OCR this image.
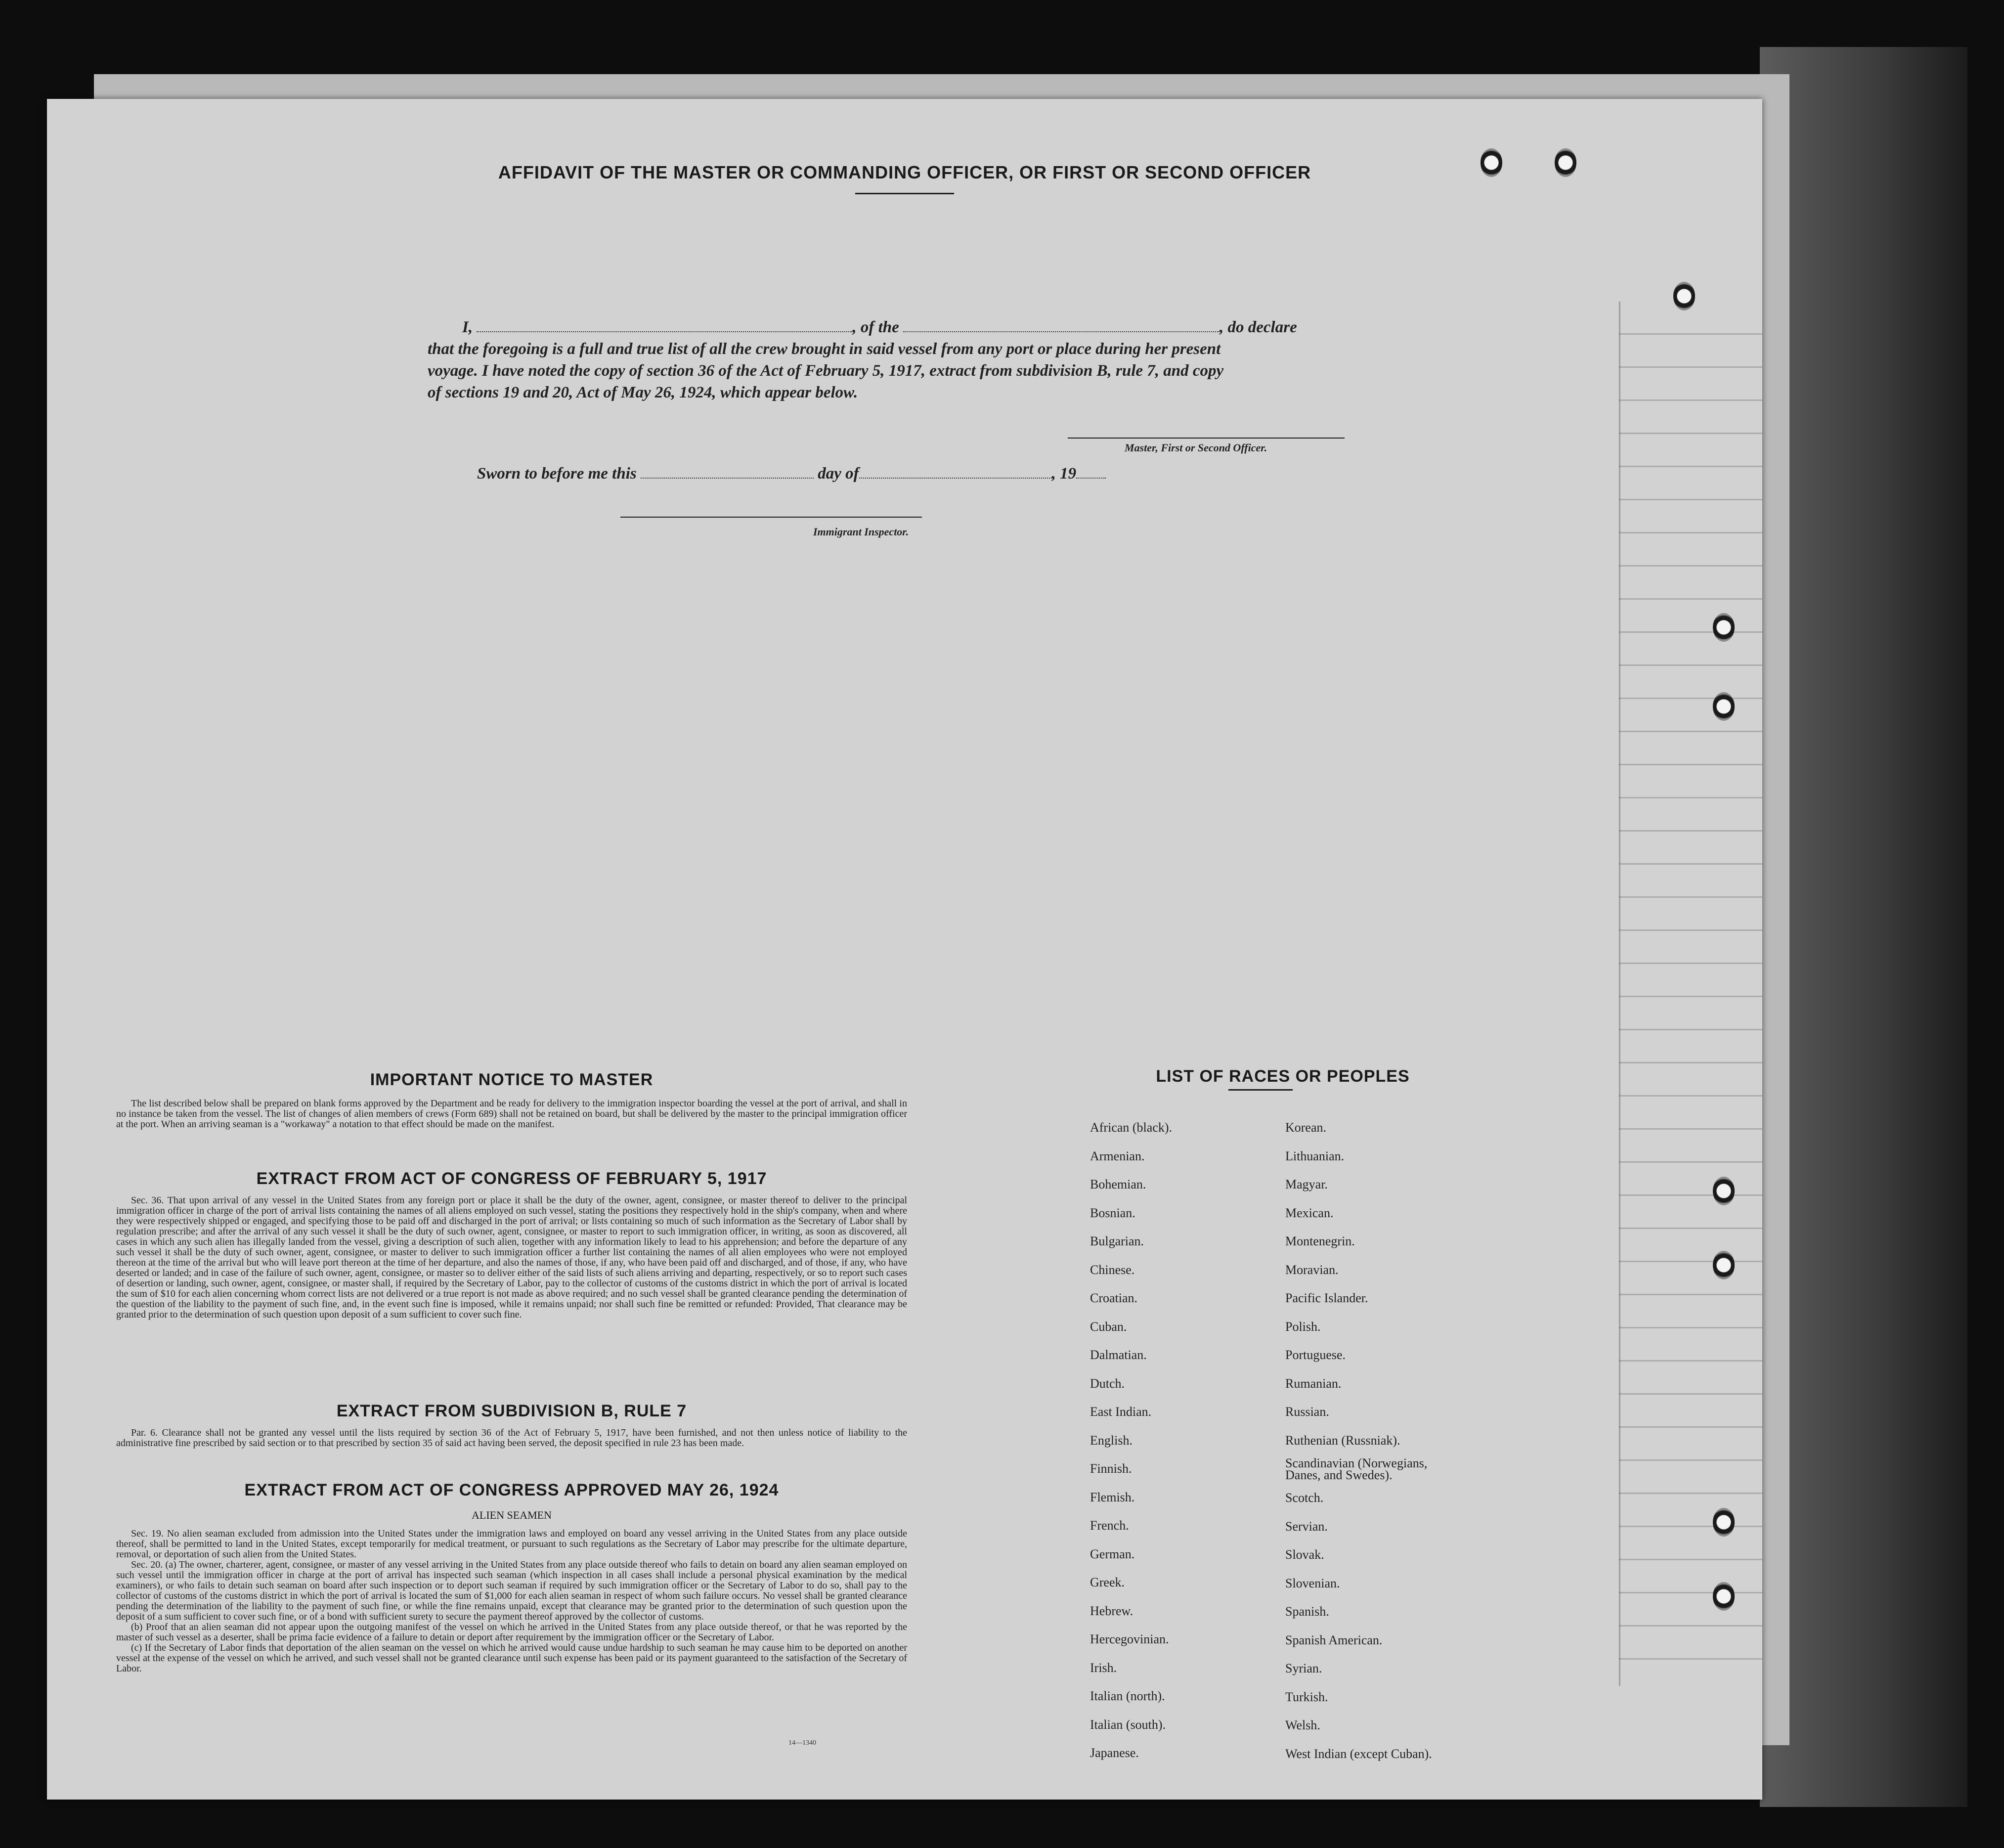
AFFIDAVIT OF THE MASTER OR COMMANDING OFFICER, OR FIRST OR SECOND OFFICER
I,	, of the	, do declare
that the foregoing is a full and true list of all the crew brought in said vessel from any port or place during her present
voyage. I have noted the copy of section 36 of the Act of February 5, 1917, extract from subdivision B, rule 7, and copy
of sections 19 and 20, Act of May 26, 1924, which appear below.
Master, First or Second Officer.
Sworn to before me this	day of	, 19
Immigrant Inspector.
IMPORTANT NOTICE TO MASTER

The list described below shall be prepared on blank forms approved by the Department and be ready for delivery to the immigration inspector boarding the vessel at the port of arrival, and shall in no instance be taken from the vessel. The list of changes of alien members of crews (Form 689) shall not be retained on board, but shall be delivered by the master to the principal immigration officer at the port. When an arriving seaman is a "workaway" a notation to that effect should be made on the manifest.

EXTRACT FROM ACT OF CONGRESS OF FEBRUARY 5, 1917

Sec. 36. That upon arrival of any vessel in the United States from any foreign port or place it shall be the duty of the owner, agent, consignee, or master thereof to deliver to the principal immigration officer in charge of the port of arrival lists containing the names of all aliens employed on such vessel, stating the positions they respectively hold in the ship's company, when and where they were respectively shipped or engaged, and specifying those to be paid off and discharged in the port of arrival; or lists containing so much of such information as the Secretary of Labor shall by regulation prescribe; and after the arrival of any such vessel it shall be the duty of such owner, agent, consignee, or master to report to such immigration officer, in writing, as soon as discovered, all cases in which any such alien has illegally landed from the vessel, giving a description of such alien, together with any information likely to lead to his apprehension; and before the departure of any such vessel it shall be the duty of such owner, agent, consignee, or master to deliver to such immigration officer a further list containing the names of all alien employees who were not employed thereon at the time of the arrival but who will leave port thereon at the time of her departure, and also the names of those, if any, who have been paid off and discharged, and of those, if any, who have deserted or landed; and in case of the failure of such owner, agent, consignee, or master so to deliver either of the said lists of such aliens arriving and departing, respectively, or so to report such cases of desertion or landing, such owner, agent, consignee, or master shall, if required by the Secretary of Labor, pay to the collector of customs of the customs district in which the port of arrival is located the sum of $10 for each alien concerning whom correct lists are not delivered or a true report is not made as above required; and no such vessel shall be granted clearance pending the determination of the question of the liability to the payment of such fine, and, in the event such fine is imposed, while it remains unpaid; nor shall such fine be remitted or refunded: Provided, That clearance may be granted prior to the determination of such question upon deposit of a sum sufficient to cover such fine.

EXTRACT FROM SUBDIVISION B, RULE 7

Par. 6. Clearance shall not be granted any vessel until the lists required by section 36 of the Act of February 5, 1917, have been furnished, and not then unless notice of liability to the administrative fine prescribed by said section or to that prescribed by section 35 of said act having been served, the deposit specified in rule 23 has been made.

EXTRACT FROM ACT OF CONGRESS APPROVED MAY 26, 1924
ALIEN SEAMEN

Sec. 19. No alien seaman excluded from admission into the United States under the immigration laws and employed on board any vessel arriving in the United States from any place outside thereof, shall be permitted to land in the United States, except temporarily for medical treatment, or pursuant to such regulations as the Secretary of Labor may prescribe for the ultimate departure, removal, or deportation of such alien from the United States.

Sec. 20. (a) The owner, charterer, agent, consignee, or master of any vessel arriving in the United States from any place outside thereof who fails to detain on board any alien seaman employed on such vessel until the immigration officer in charge at the port of arrival has inspected such seaman (which inspection in all cases shall include a personal physical examination by the medical examiners), or who fails to detain such seaman on board after such inspection or to deport such seaman if required by such immigration officer or the Secretary of Labor to do so, shall pay to the collector of customs of the customs district in which the port of arrival is located the sum of $1,000 for each alien seaman in respect of whom such failure occurs. No vessel shall be granted clearance pending the determination of the liability to the payment of such fine, or while the fine remains unpaid, except that clearance may be granted prior to the determination of such question upon the deposit of a sum sufficient to cover such fine, or of a bond with sufficient surety to secure the payment thereof approved by the collector of customs.

(b) Proof that an alien seaman did not appear upon the outgoing manifest of the vessel on which he arrived in the United States from any place outside thereof, or that he was reported by the master of such vessel as a deserter, shall be prima facie evidence of a failure to detain or deport after requirement by the immigration officer or the Secretary of Labor.

(c) If the Secretary of Labor finds that deportation of the alien seaman on the vessel on which he arrived would cause undue hardship to such seaman he may cause him to be deported on another vessel at the expense of the vessel on which he arrived, and such vessel shall not be granted clearance until such expense has been paid or its payment guaranteed to the satisfaction of the Secretary of Labor.

14—1340
LIST OF RACES OR PEOPLES
African (black).
Armenian.
Bohemian.
Bosnian.
Bulgarian.
Chinese.
Croatian.
Cuban.
Dalmatian.
Dutch.
East Indian.
English.
Finnish.
Flemish.
French.
German.
Greek.
Hebrew.
Hercegovinian.
Irish.
Italian (north).
Italian (south).
Japanese.
Korean.
Lithuanian.
Magyar.
Mexican.
Montenegrin.
Moravian.
Pacific Islander.
Polish.
Portuguese.
Rumanian.
Russian.
Ruthenian (Russniak).
Scandinavian (Norwegians, Danes, and Swedes).
Scotch.
Servian.
Slovak.
Slovenian.
Spanish.
Spanish American.
Syrian.
Turkish.
Welsh.
West Indian (except Cuban).
